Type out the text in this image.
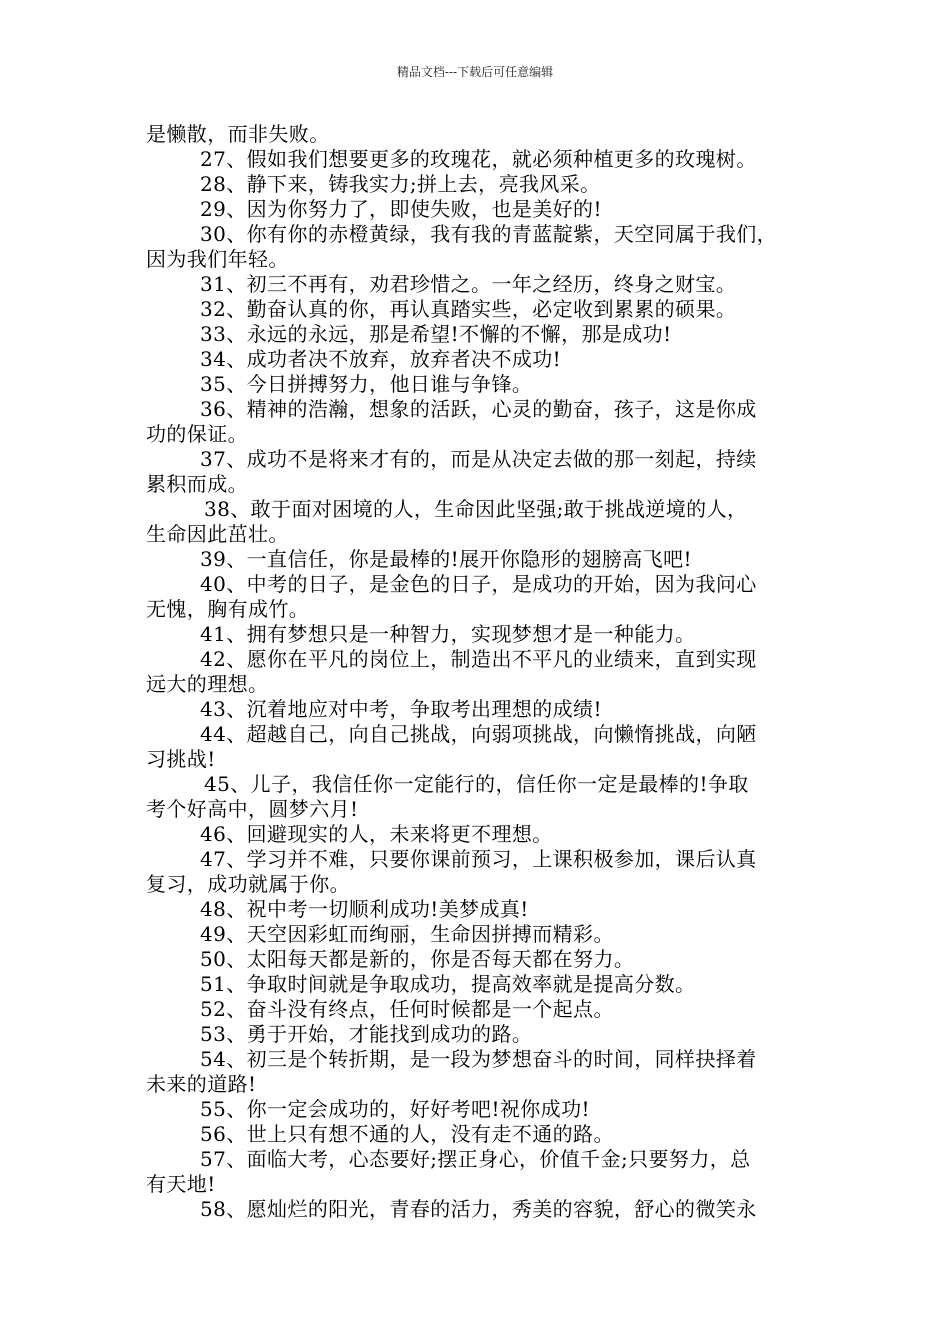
精品文档---下载后可任意编辑
是懒散，而非失败。
27、假如我们想要更多的玫瑰花，就必须种植更多的玫瑰树。
28、静下来，铸我实力;拼上去，亮我风采。
29、因为你努力了，即使失败，也是美好的!
30、你有你的赤橙黄绿，我有我的青蓝靛紫，天空同属于我们，
因为我们年轻。
31、初三不再有，劝君珍惜之。一年之经历，终身之财宝。
32、勤奋认真的你，再认真踏实些，必定收到累累的硕果。
33、永远的永远，那是希望!不懈的不懈，那是成功!
34、成功者决不放弃，放弃者决不成功!
35、今日拼搏努力，他日谁与争锋。
36、精神的浩瀚，想象的活跃，心灵的勤奋，孩子，这是你成
功的保证。
37、成功不是将来才有的，而是从决定去做的那一刻起，持续
累积而成。
38、敢于面对困境的人，生命因此坚强;敢于挑战逆境的人，
生命因此茁壮。
39、一直信任，你是最棒的!展开你隐形的翅膀高飞吧!
40、中考的日子，是金色的日子，是成功的开始，因为我问心
无愧，胸有成竹。
41、拥有梦想只是一种智力，实现梦想才是一种能力。
42、愿你在平凡的岗位上，制造出不平凡的业绩来，直到实现
远大的理想。
43、沉着地应对中考，争取考出理想的成绩!
44、超越自己，向自己挑战，向弱项挑战，向懒惰挑战，向陋
习挑战!
45、儿子，我信任你一定能行的，信任你一定是最棒的!争取
考个好高中，圆梦六月!
46、回避现实的人，未来将更不理想。
47、学习并不难，只要你课前预习，上课积极参加，课后认真
复习，成功就属于你。
48、祝中考一切顺利成功!美梦成真!
49、天空因彩虹而绚丽，生命因拼搏而精彩。
50、太阳每天都是新的，你是否每天都在努力。
51、争取时间就是争取成功，提高效率就是提高分数。
52、奋斗没有终点，任何时候都是一个起点。
53、勇于开始，才能找到成功的路。
54、初三是个转折期，是一段为梦想奋斗的时间，同样抉择着
未来的道路!
55、你一定会成功的，好好考吧!祝你成功!
56、世上只有想不通的人，没有走不通的路。
57、面临大考，心态要好;摆正身心，价值千金;只要努力，总
有天地!
58、愿灿烂的阳光，青春的活力，秀美的容貌，舒心的微笑永
